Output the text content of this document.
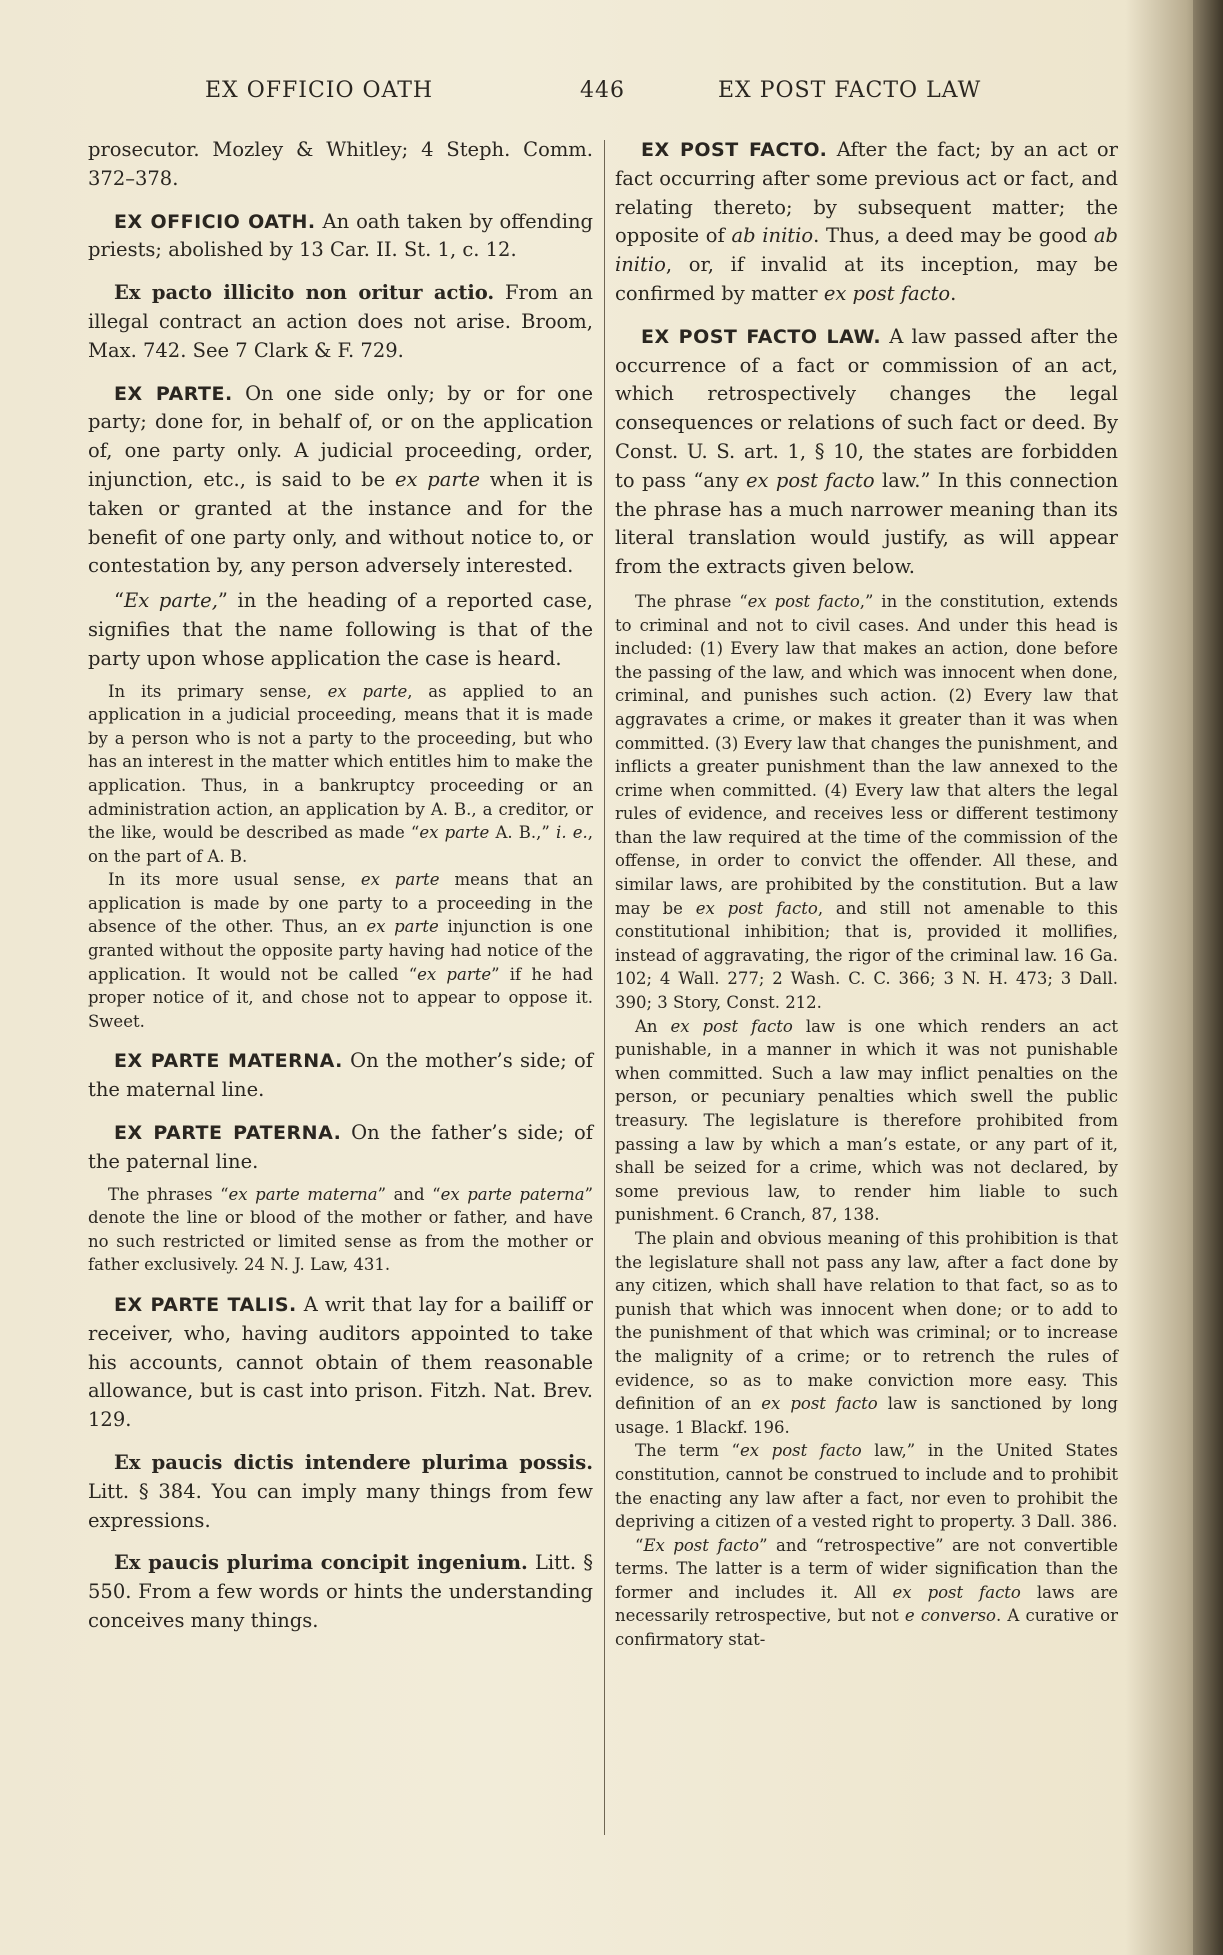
EX OFFICIO OATH	446	EX POST FACTO LAW

prosecutor. Mozley & Whitley; 4 Steph. Comm. 372–378.

EX OFFICIO OATH. An oath taken by offending priests; abolished by 13 Car. II. St. 1, c. 12.

Ex pacto illicito non oritur actio. From an illegal contract an action does not arise. Broom, Max. 742. See 7 Clark & F. 729.

EX PARTE. On one side only; by or for one party; done for, in behalf of, or on the application of, one party only. A judicial proceeding, order, injunction, etc., is said to be ex parte when it is taken or granted at the instance and for the benefit of one party only, and without notice to, or contestation by, any person adversely interested.

“Ex parte,” in the heading of a reported case, signifies that the name following is that of the party upon whose application the case is heard.

In its primary sense, ex parte, as applied to an application in a judicial proceeding, means that it is made by a person who is not a party to the proceeding, but who has an interest in the matter which entitles him to make the application. Thus, in a bankruptcy proceeding or an administration action, an application by A. B., a creditor, or the like, would be described as made “ex parte A. B.,” i. e., on the part of A. B.

In its more usual sense, ex parte means that an application is made by one party to a proceeding in the absence of the other. Thus, an ex parte injunction is one granted without the opposite party having had notice of the application. It would not be called “ex parte” if he had proper notice of it, and chose not to appear to oppose it. Sweet.

EX PARTE MATERNA. On the mother’s side; of the maternal line.

EX PARTE PATERNA. On the father’s side; of the paternal line.

The phrases “ex parte materna” and “ex parte paterna” denote the line or blood of the mother or father, and have no such restricted or limited sense as from the mother or father exclusively. 24 N. J. Law, 431.

EX PARTE TALIS. A writ that lay for a bailiff or receiver, who, having auditors appointed to take his accounts, cannot obtain of them reasonable allowance, but is cast into prison. Fitzh. Nat. Brev. 129.

Ex paucis dictis intendere plurima possis. Litt. § 384. You can imply many things from few expressions.

Ex paucis plurima concipit ingenium. Litt. § 550. From a few words or hints the understanding conceives many things.

EX POST FACTO. After the fact; by an act or fact occurring after some previous act or fact, and relating thereto; by subsequent matter; the opposite of ab initio. Thus, a deed may be good ab initio, or, if invalid at its inception, may be confirmed by matter ex post facto.

EX POST FACTO LAW. A law passed after the occurrence of a fact or commission of an act, which retrospectively changes the legal consequences or relations of such fact or deed. By Const. U. S. art. 1, § 10, the states are forbidden to pass “any ex post facto law.” In this connection the phrase has a much narrower meaning than its literal translation would justify, as will appear from the extracts given below.

The phrase “ex post facto,” in the constitution, extends to criminal and not to civil cases. And under this head is included: (1) Every law that makes an action, done before the passing of the law, and which was innocent when done, criminal, and punishes such action. (2) Every law that aggravates a crime, or makes it greater than it was when committed. (3) Every law that changes the punishment, and inflicts a greater punishment than the law annexed to the crime when committed. (4) Every law that alters the legal rules of evidence, and receives less or different testimony than the law required at the time of the commission of the offense, in order to convict the offender. All these, and similar laws, are prohibited by the constitution. But a law may be ex post facto, and still not amenable to this constitutional inhibition; that is, provided it mollifies, instead of aggravating, the rigor of the criminal law. 16 Ga. 102; 4 Wall. 277; 2 Wash. C. C. 366; 3 N. H. 473; 3 Dall. 390; 3 Story, Const. 212.

An ex post facto law is one which renders an act punishable, in a manner in which it was not punishable when committed. Such a law may inflict penalties on the person, or pecuniary penalties which swell the public treasury. The legislature is therefore prohibited from passing a law by which a man’s estate, or any part of it, shall be seized for a crime, which was not declared, by some previous law, to render him liable to such punishment. 6 Cranch, 87, 138.

The plain and obvious meaning of this prohibition is that the legislature shall not pass any law, after a fact done by any citizen, which shall have relation to that fact, so as to punish that which was innocent when done; or to add to the punishment of that which was criminal; or to increase the malignity of a crime; or to retrench the rules of evidence, so as to make conviction more easy. This definition of an ex post facto law is sanctioned by long usage. 1 Blackf. 196.

The term “ex post facto law,” in the United States constitution, cannot be construed to include and to prohibit the enacting any law after a fact, nor even to prohibit the depriving a citizen of a vested right to property. 3 Dall. 386.

“Ex post facto” and “retrospective” are not convertible terms. The latter is a term of wider signification than the former and includes it. All ex post facto laws are necessarily retrospective, but not e converso. A curative or confirmatory stat-
